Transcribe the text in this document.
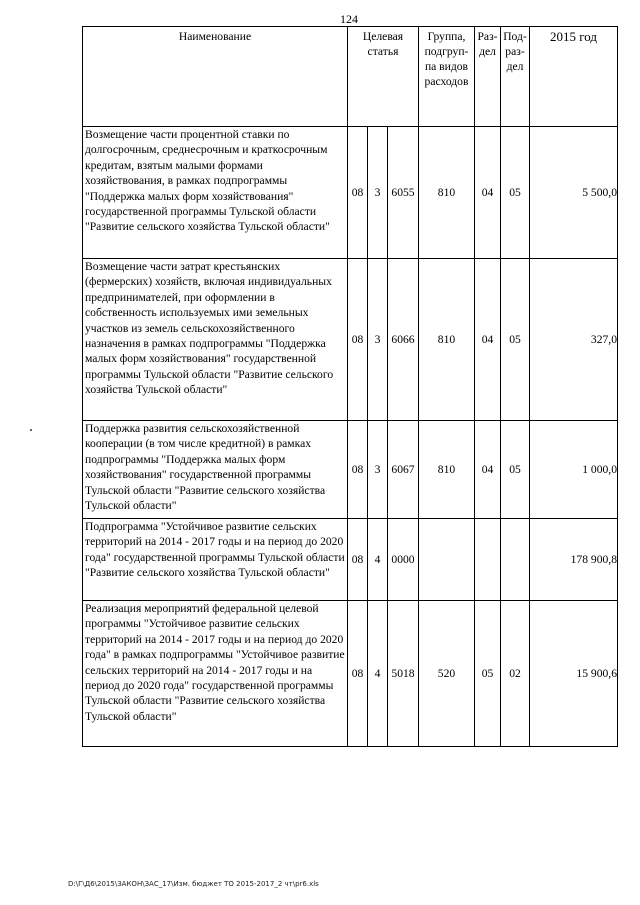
124
Наименование	Целевая статья			Группа, подгруп-па видов расходов	Раз-дел	Под-раз-дел	2015 год
Возмещение части процентной ставки по долгосрочным, среднесрочным и краткосрочным кредитам, взятым малыми формами хозяйствования, в рамках подпрограммы "Поддержка малых форм хозяйствования" государственной программы Тульской области "Развитие сельского хозяйства Тульской области"	08	3	6055	810	04	05	5 500,0
Возмещение части затрат крестьянских (фермерских) хозяйств, включая индивидуальных предпринимателей, при оформлении в собственность используемых ими земельных участков из земель сельскохозяйственного назначения в рамках подпрограммы "Поддержка малых форм хозяйствования" государственной программы Тульской области "Развитие сельского хозяйства Тульской области"	08	3	6066	810	04	05	327,0
Поддержка развития сельскохозяйственной кооперации (в том числе кредитной) в рамках подпрограммы "Поддержка малых форм хозяйствования" государственной программы Тульской области "Развитие сельского хозяйства Тульской области"	08	3	6067	810	04	05	1 000,0
Подпрограмма "Устойчивое развитие сельских территорий на 2014 - 2017 годы и на период до 2020 года" государственной программы Тульской области "Развитие сельского хозяйства Тульской области"	08	4	0000				178 900,8
Реализация мероприятий федеральной целевой программы "Устойчивое развитие сельских территорий на 2014 - 2017 годы и на период до 2020 года" в рамках подпрограммы "Устойчивое развитие сельских территорий на 2014 - 2017 годы и на период до 2020 года" государственной программы Тульской области "Развитие сельского хозяйства Тульской области"	08	4	5018	520	05	02	15 900,6
D:\Г\Д6\2015\ЗАКОН\ЗАС_17\Изм. бюджет ТО 2015-2017_2 чт\pr6.xls
